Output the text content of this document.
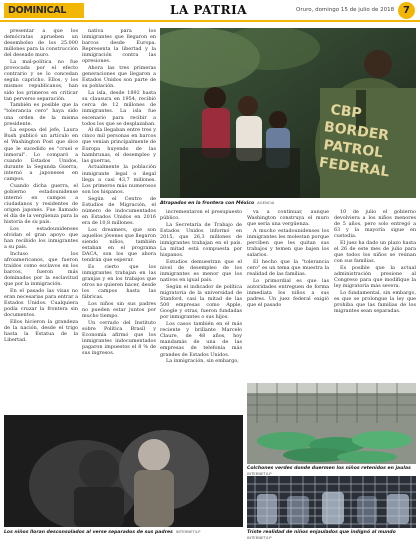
DOMINICAL	LA PATRIA	Oruro, domingo 15 de julio de 2018 7

presentar a que los demócratas aprueben un desembolso de los 25.000 millones para la construcción del deseado muro.

La mal-política no fue provocada por el efecto contrario y se lo concedan según capricho. Ellos, y los mismos republicanos, han sido los primeros en criticar tan perverso separación.

También es posible que la "tolerancia cero" haya sido una orden de la misma presidente.

La esposa del jefe, Laura Bush publicó un artículo en el Washington Post que dice que le sucedido es "cruel e inmoral". Lo comparó a cuando Estados Unidos, durante la Segunda Guerra, internó a japoneses en campos.

Cuando dicha guerra, el gobierno estadounidense internó en campos a ciudadanos y residentes de origen japonés. Fue llamado el día de la vergüenza para la historia de su país.

Los estadounidenses olvidan el gran apoyo que han recibido los inmigrantes a su país.

Incluso los afroamericanos, que fueron traídos como esclavos en los barcos, fueron más dominados por la esclavitud que por la inmigración.

En el pasado las visas no eran necesarias para entrar a Estados Unidos. Cualquiera podía cruzar la frontera sin documentos.

Ellos hicieron la grandeza de la nación, desde el trigo hasta la Estatua de la Libertad.

nativa para los inmigrantes que llegaron en barcos desde Europa. Representa la libertad y la inmigración contra las opresiones.

Ahora las tres primeras generaciones que llegaron a Estados Unidos son parte de su población.

La isla, desde 1892 hasta su clausura en 1954, recibió cerca de 12 millones de inmigrantes. La isla fue escenario para recibir a todos los que se desplazaban.

Al día llegaban entre tres y cinco mil personas en barcos que venían principalmente de Europa huyendo de las hambrunas, el desempleo y las guerras.

Actualmente la población inmigrante legal o ilegal llega a casi 43,7 millones. Los primeros más numerosos son los hispanos.

Según el Centro de Estudios de Migración, el número de indocumentados en Estados Unidos en 2016 era de 10,8 millones.

Los dreamers, que son aquellos jóvenes que llegaron siendo niños, también estaban en el programa DACA, son los que ahora tendrán que esperar.

Es cierto que los inmigrantes trabajan en las granjas y en los trabajos que otros no quieren hacer, desde los campos hasta las fábricas.

Los niños sin sus padres no pueden estar juntos por mucho tiempo.

Un cerrado del Instituto sobre Política Brasil y Economía afirmó que los inmigrantes indocumentados pagaron impuestos el 8 % de sus ingresos.

CBP BORDER PATROL FEDERAL
Atrapados en la frontera con México AGENCIA

incrementaron el presupuesto público.

La Secretaría de Trabajo de Estados Unidos informó en 2015, que 26,3 millones de inmigrantes trabajan en el país. La mitad está compuesta por hispanos.

Estudios demuestran que el nivel de desempleo de los inmigrantes es menor que los nativos en igual país.

Según el indicador de política migratoria de la universidad de Stanford, casi la mitad de las 500 empresas como Apple, Google y otras, fueron fundadas por inmigrantes o sus hijos.

Los casos también en el más reciente y brillante Marcelo Claure, de 48 años, hoy mandamás de una de las empresas de telefonía más grandes de Estados Unidos.

La inmigración, sin embargo,

va a continuar, aunque Washington construya el muro que sería una vergüenza.

A mucho estadounidenses los inmigrantes les molestan porque perciben que les quitan sus trabajos y temen que bajen los salarios.

El hecho que la "tolerancia cero" es un tema que muestra la realidad de las familias.

Lo primordial es que las autoridades entreguen de forma inmediata los niños a sus padres. Un juez federal exigió que el pasado

10 de julio el gobierno devolviera a los niños menores de 5 años, pero solo entregó a 63 y la mayoría sigue en custodia.

El juez ha dado un plazo hasta el 26 de este mes de julio para que todos los niños se reúnan con sus familias.

Es posible que la actual administración presione al Congreso para que modifique la ley migratoria más severa.

Lo fundamental, sin embargo, es que se prolongue la ley que prohíba que las familias de los migrantes sean separadas.

Colchones verdes donde duermen los niños retenidos en jaulas
INTERNET/LP
Los niños lloran desconsolados al verse separados de sus padres INTERNET/LP	Triste realidad de niños enjaulados que indignó al mundo
INTERNET/LP
